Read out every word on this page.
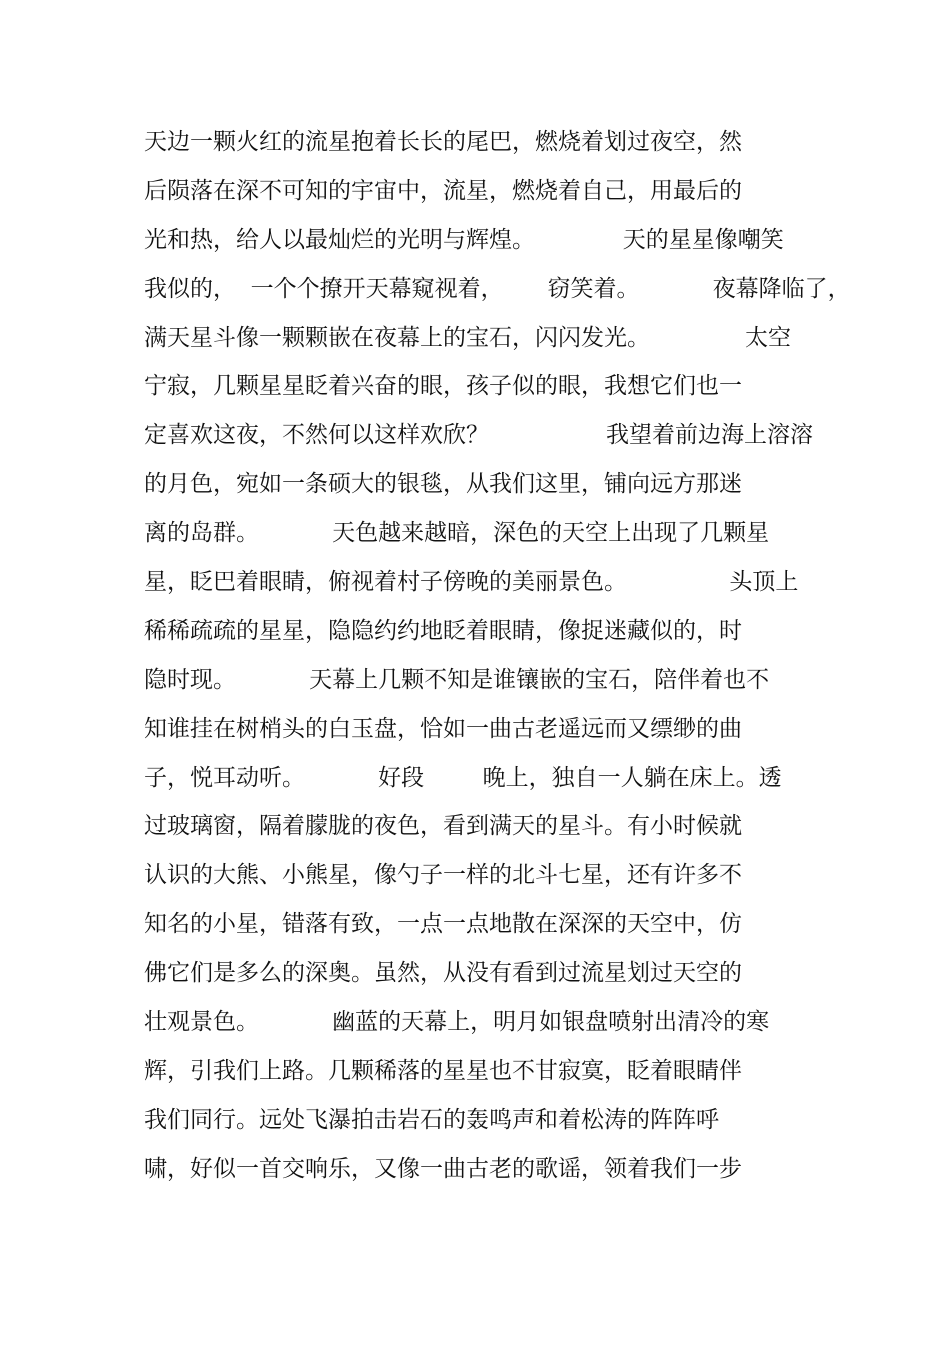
天边一颗火红的流星抱着长长的尾巴，燃烧着划过夜空，然
后陨落在深不可知的宇宙中，流星，燃烧着自己，用最后的
光和热，给人以最灿烂的光明与辉煌。            天的星星像嘲笑
我似的，  一个个撩开天幕窥视着，      窃笑着。          夜幕降临了，
满天星斗像一颗颗嵌在夜幕上的宝石，闪闪发光。             太空
宁寂，几颗星星眨着兴奋的眼，孩子似的眼，我想它们也一
定喜欢这夜，不然何以这样欢欣？                我望着前边海上溶溶
的月色，宛如一条硕大的银毯，从我们这里，铺向远方那迷
离的岛群。          天色越来越暗，深色的天空上出现了几颗星
星，眨巴着眼睛，俯视着村子傍晚的美丽景色。              头顶上
稀稀疏疏的星星，隐隐约约地眨着眼睛，像捉迷藏似的，时
隐时现。          天幕上几颗不知是谁镶嵌的宝石，陪伴着也不
知谁挂在树梢头的白玉盘，恰如一曲古老遥远而又缥缈的曲
子，悦耳动听。          好段        晚上，独自一人躺在床上。透
过玻璃窗，隔着朦胧的夜色，看到满天的星斗。有小时候就
认识的大熊、小熊星，像勺子一样的北斗七星，还有许多不
知名的小星，错落有致，一点一点地散在深深的天空中，仿
佛它们是多么的深奥。虽然，从没有看到过流星划过天空的
壮观景色。          幽蓝的天幕上，明月如银盘喷射出清冷的寒
辉，引我们上路。几颗稀落的星星也不甘寂寞，眨着眼睛伴
我们同行。远处飞瀑拍击岩石的轰鸣声和着松涛的阵阵呼
啸，好似一首交响乐，又像一曲古老的歌谣，领着我们一步
